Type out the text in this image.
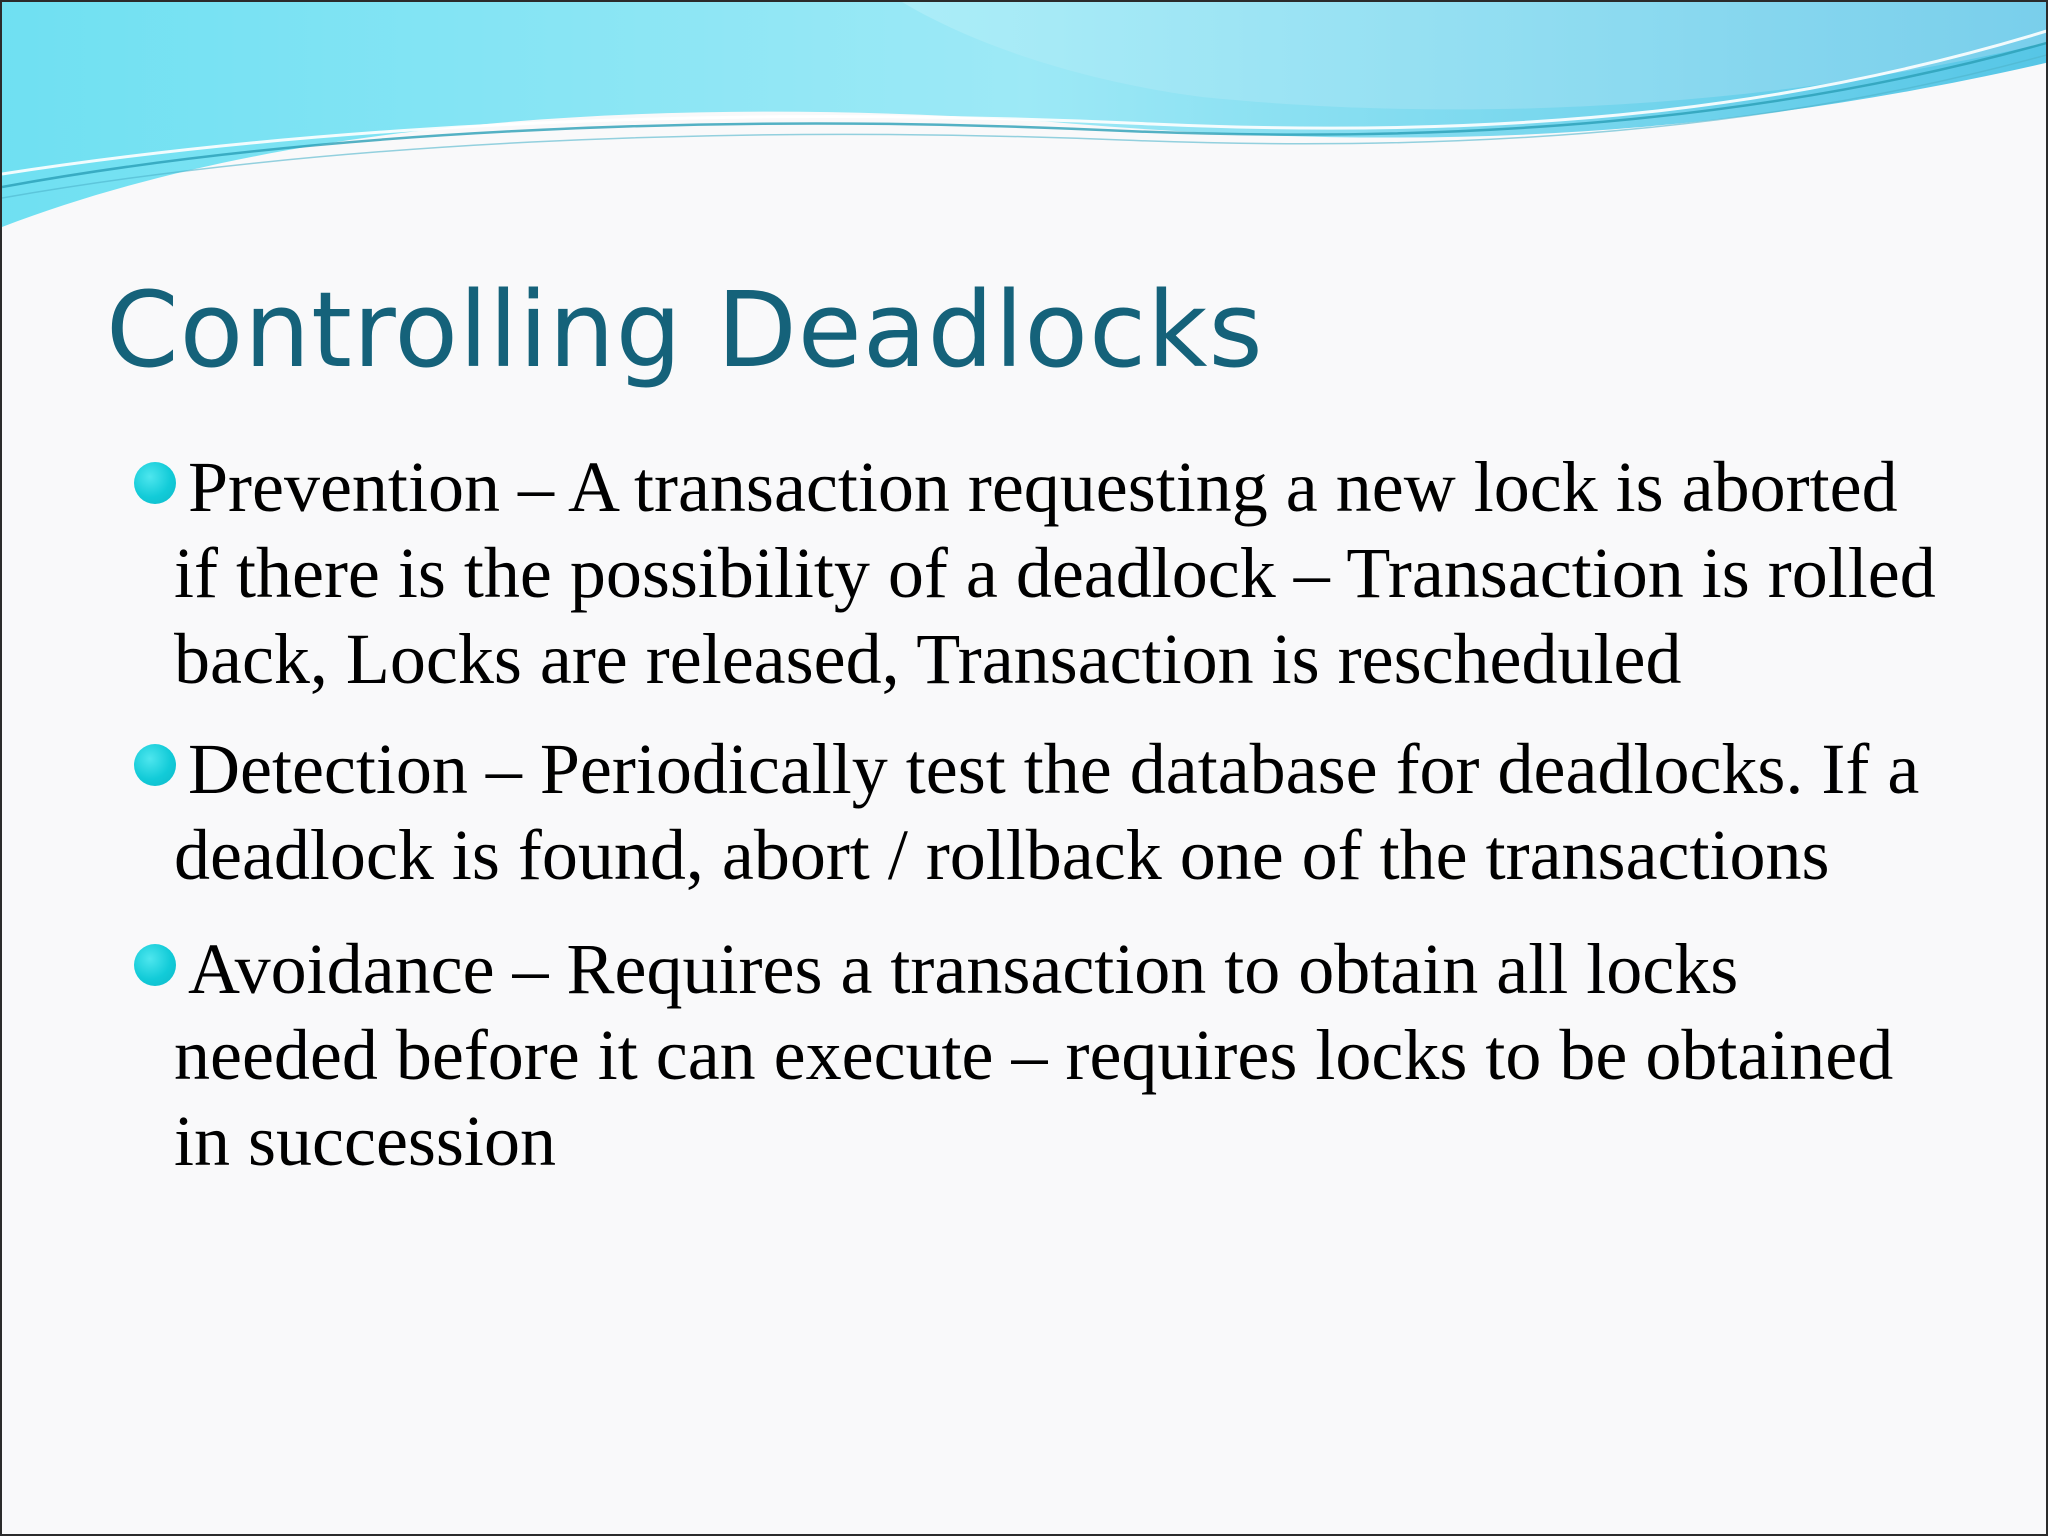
Controlling Deadlocks
Prevention – A transaction requesting a new lock is aborted if there is the possibility of a deadlock – Transaction is rolled back, Locks are released, Transaction is rescheduled
Detection – Periodically test the database for deadlocks. If a deadlock is found, abort / rollback one of the transactions
Avoidance – Requires a transaction to obtain all locks needed before it can execute – requires locks to be obtained in succession
